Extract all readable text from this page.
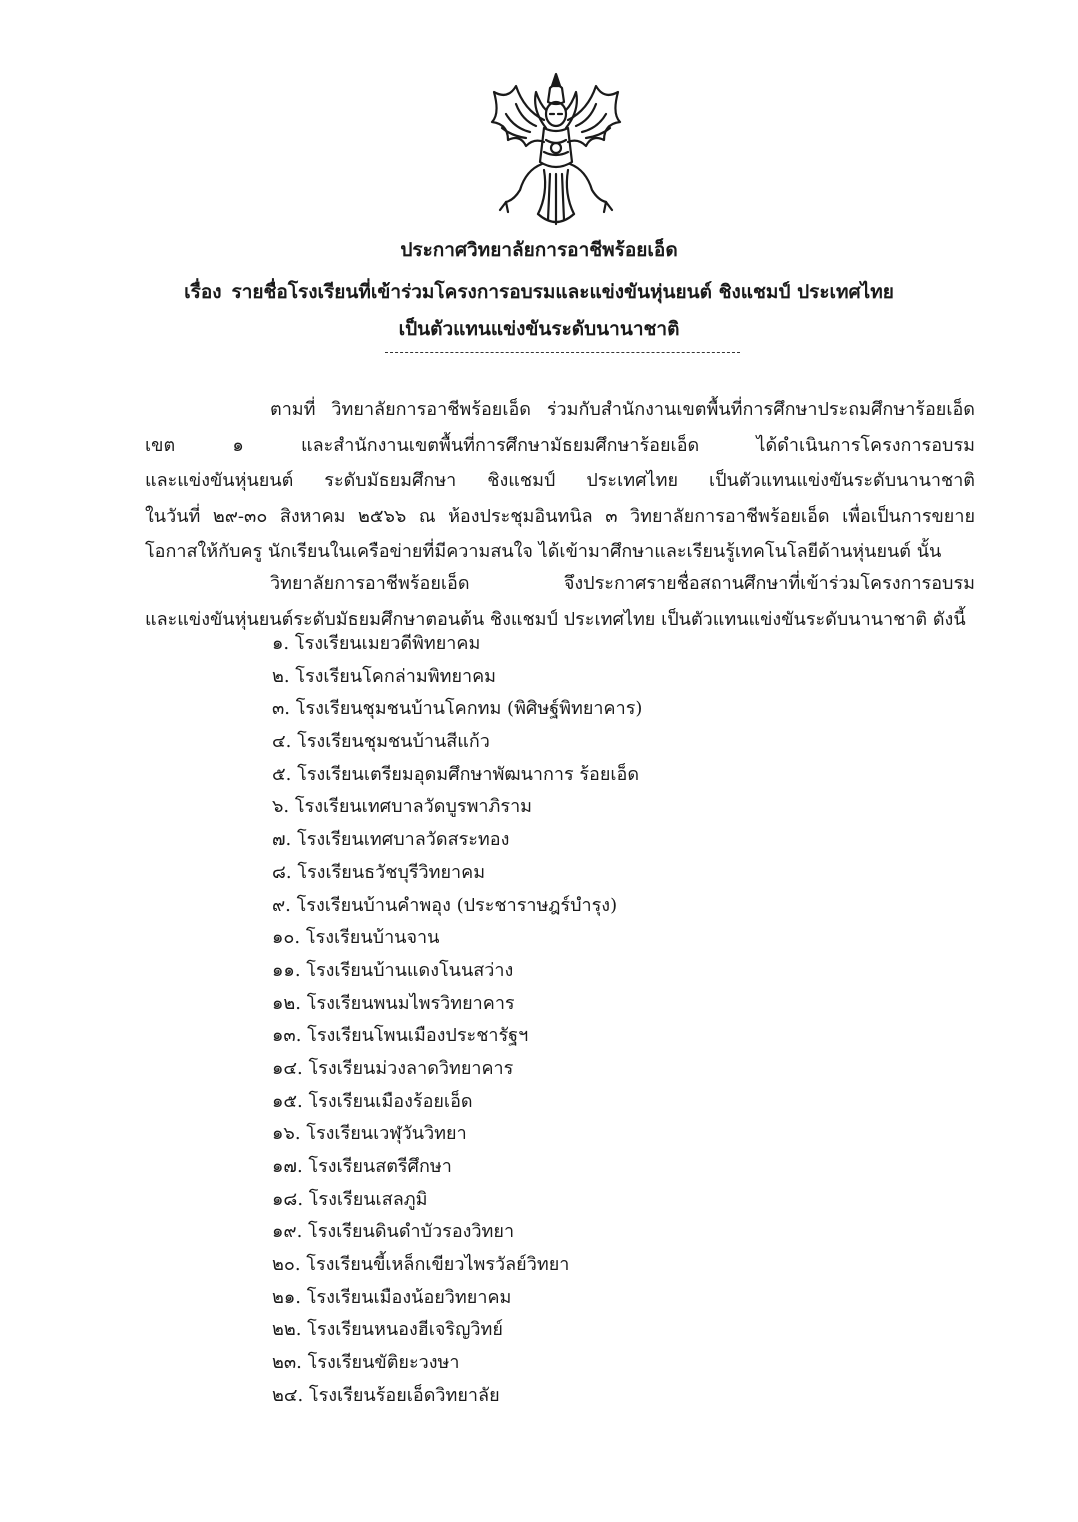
ประกาศวิทยาลัยการอาชีพร้อยเอ็ด
เรื่อง รายชื่อโรงเรียนที่เข้าร่วมโครงการอบรมและแข่งขันหุ่นยนต์ ชิงแชมป์ ประเทศไทย
เป็นตัวแทนแข่งขันระดับนานาชาติ
ตามที่ วิทยาลัยการอาชีพร้อยเอ็ด ร่วมกับสำนักงานเขตพื้นที่การศึกษาประถมศึกษาร้อยเอ็ด
เขต ๑ และสำนักงานเขตพื้นที่การศึกษามัธยมศึกษาร้อยเอ็ด ได้ดำเนินการโครงการอบรม
และแข่งขันหุ่นยนต์ ระดับมัธยมศึกษา ชิงแชมป์ ประเทศไทย เป็นตัวแทนแข่งขันระดับนานาชาติ
ในวันที่ ๒๙-๓๐ สิงหาคม ๒๕๖๖ ณ ห้องประชุมอินทนิล ๓ วิทยาลัยการอาชีพร้อยเอ็ด เพื่อเป็นการขยาย
โอกาสให้กับครู นักเรียนในเครือข่ายที่มีความสนใจ ได้เข้ามาศึกษาและเรียนรู้เทคโนโลยีด้านหุ่นยนต์ นั้น
วิทยาลัยการอาชีพร้อยเอ็ด จึงประกาศรายชื่อสถานศึกษาที่เข้าร่วมโครงการอบรม
และแข่งขันหุ่นยนต์ระดับมัธยมศึกษาตอนต้น ชิงแชมป์ ประเทศไทย เป็นตัวแทนแข่งขันระดับนานาชาติ ดังนี้
๑. โรงเรียนเมยวดีพิทยาคม
๒. โรงเรียนโคกล่ามพิทยาคม
๓. โรงเรียนชุมชนบ้านโคกทม (พิศิษฐ์พิทยาคาร)
๔. โรงเรียนชุมชนบ้านสีแก้ว
๕. โรงเรียนเตรียมอุดมศึกษาพัฒนาการ ร้อยเอ็ด
๖. โรงเรียนเทศบาลวัดบูรพาภิราม
๗. โรงเรียนเทศบาลวัดสระทอง
๘. โรงเรียนธวัชบุรีวิทยาคม
๙. โรงเรียนบ้านคำพอุง (ประชาราษฎร์บำรุง)
๑๐. โรงเรียนบ้านจาน
๑๑. โรงเรียนบ้านแดงโนนสว่าง
๑๒. โรงเรียนพนมไพรวิทยาคาร
๑๓. โรงเรียนโพนเมืองประชารัฐฯ
๑๔. โรงเรียนม่วงลาดวิทยาคาร
๑๕. โรงเรียนเมืองร้อยเอ็ด
๑๖. โรงเรียนเวฬุวันวิทยา
๑๗. โรงเรียนสตรีศึกษา
๑๘. โรงเรียนเสลภูมิ
๑๙. โรงเรียนดินดำบัวรองวิทยา
๒๐. โรงเรียนขี้เหล็กเขียวไพรวัลย์วิทยา
๒๑. โรงเรียนเมืองน้อยวิทยาคม
๒๒. โรงเรียนหนองฮีเจริญวิทย์
๒๓. โรงเรียนขัติยะวงษา
๒๔. โรงเรียนร้อยเอ็ดวิทยาลัย
